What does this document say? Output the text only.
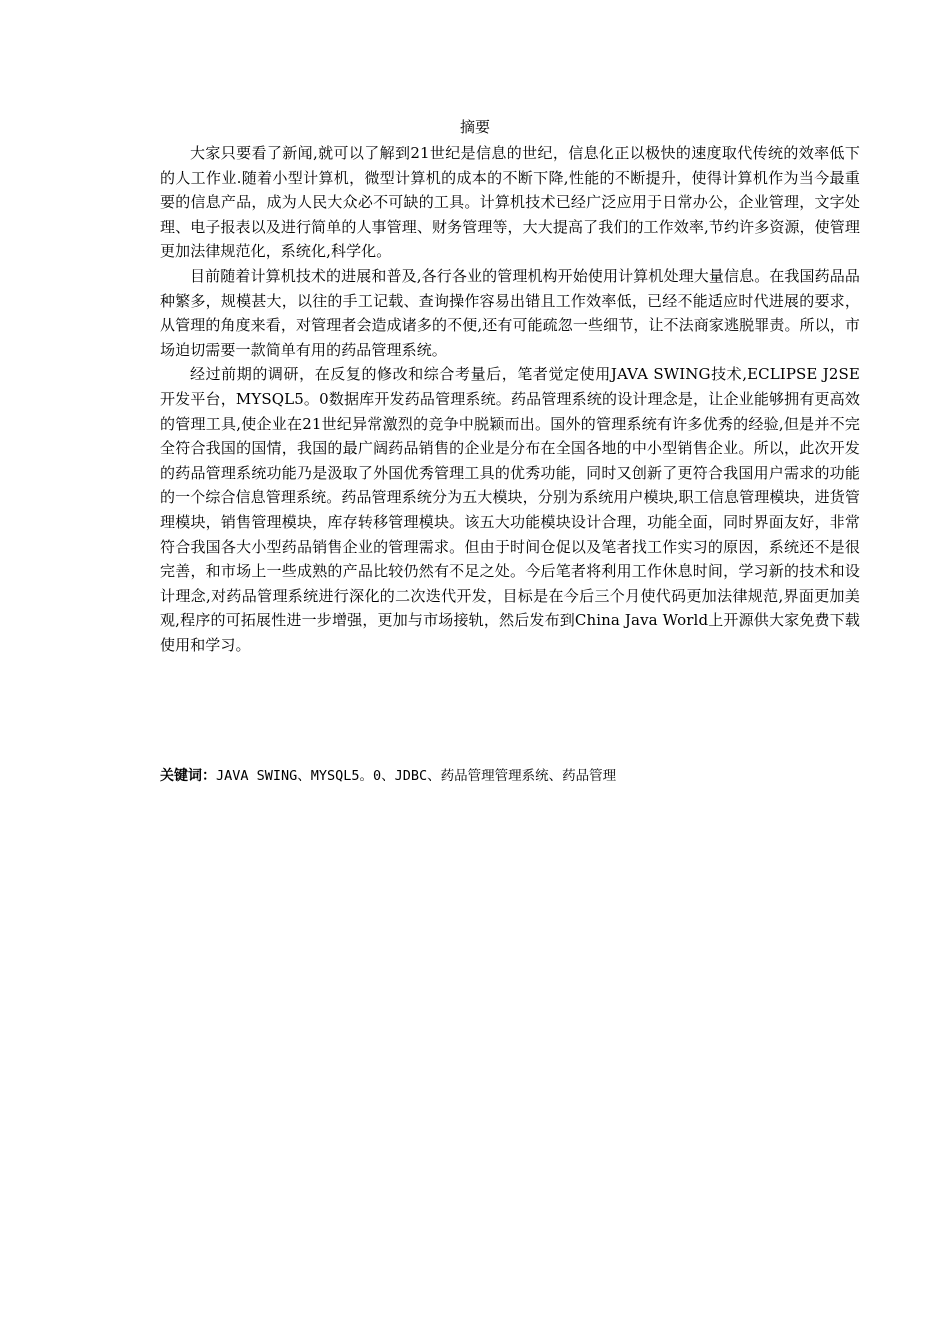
摘要

大家只要看了新闻,就可以了解到21世纪是信息的世纪，信息化正以极快的速度取代传统的效率低下的人工作业.随着小型计算机，微型计算机的成本的不断下降,性能的不断提升，使得计算机作为当今最重要的信息产品，成为人民大众必不可缺的工具。计算机技术已经广泛应用于日常办公，企业管理，文字处理、电子报表以及进行简单的人事管理、财务管理等，大大提高了我们的工作效率,节约许多资源，使管理更加法律规范化，系统化,科学化。

目前随着计算机技术的进展和普及,各行各业的管理机构开始使用计算机处理大量信息。在我国药品品种繁多，规模甚大，以往的手工记载、查询操作容易出错且工作效率低，已经不能适应时代进展的要求，从管理的角度来看，对管理者会造成诸多的不便,还有可能疏忽一些细节，让不法商家逃脱罪责。所以，市场迫切需要一款简单有用的药品管理系统。

经过前期的调研，在反复的修改和综合考量后，笔者觉定使用JAVA SWING技术,ECLIPSE J2SE 开发平台，MYSQL5。0数据库开发药品管理系统。药品管理系统的设计理念是，让企业能够拥有更高效的管理工具,使企业在21世纪异常激烈的竞争中脱颖而出。国外的管理系统有许多优秀的经验,但是并不完全符合我国的国情，我国的最广阔药品销售的企业是分布在全国各地的中小型销售企业。所以，此次开发的药品管理系统功能乃是汲取了外国优秀管理工具的优秀功能，同时又创新了更符合我国用户需求的功能的一个综合信息管理系统。药品管理系统分为五大模块，分别为系统用户模块,职工信息管理模块，进货管理模块，销售管理模块，库存转移管理模块。该五大功能模块设计合理，功能全面，同时界面友好，非常符合我国各大小型药品销售企业的管理需求。但由于时间仓促以及笔者找工作实习的原因，系统还不是很完善，和市场上一些成熟的产品比较仍然有不足之处。今后笔者将利用工作休息时间，学习新的技术和设计理念,对药品管理系统进行深化的二次迭代开发，目标是在今后三个月使代码更加法律规范,界面更加美观,程序的可拓展性进一步增强，更加与市场接轨，然后发布到China Java World上开源供大家免费下载使用和学习。

关键词：JAVA SWING、MYSQL5。0、JDBC、药品管理管理系统、药品管理
